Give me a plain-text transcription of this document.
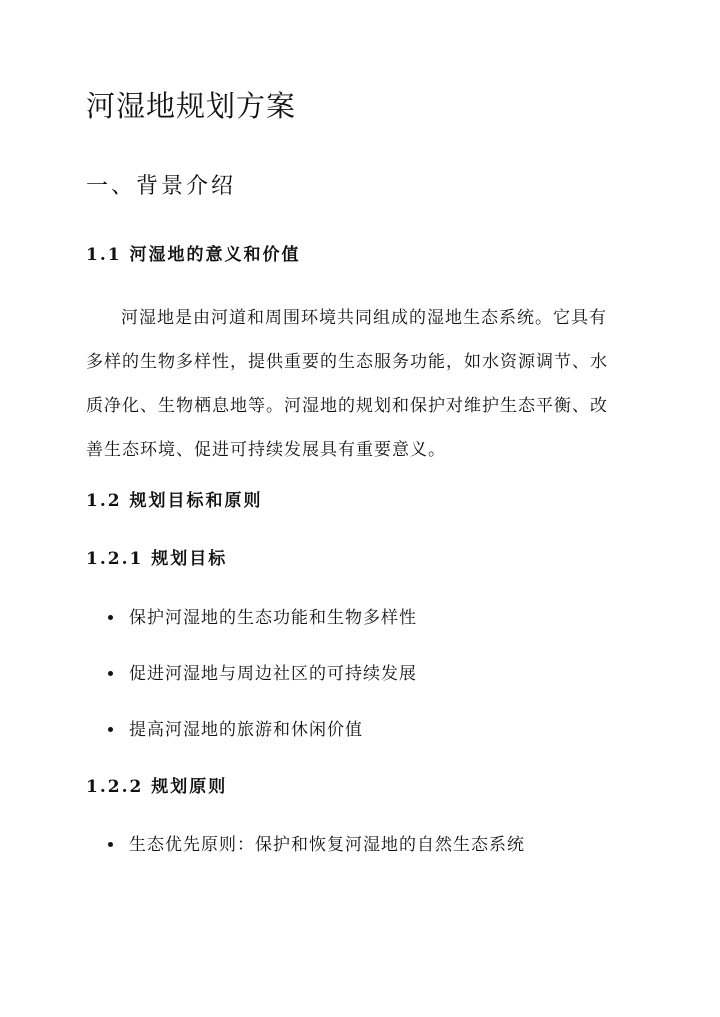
河湿地规划方案
一、背景介绍
1.1 河湿地的意义和价值

河湿地是由河道和周围环境共同组成的湿地生态系统。它具有
多样的生物多样性，提供重要的生态服务功能，如水资源调节、水
质净化、生物栖息地等。河湿地的规划和保护对维护生态平衡、改
善生态环境、促进可持续发展具有重要意义。

1.2 规划目标和原则
1.2.1 规划目标
保护河湿地的生态功能和生物多样性
促进河湿地与周边社区的可持续发展
提高河湿地的旅游和休闲价值
1.2.2 规划原则
生态优先原则：保护和恢复河湿地的自然生态系统
